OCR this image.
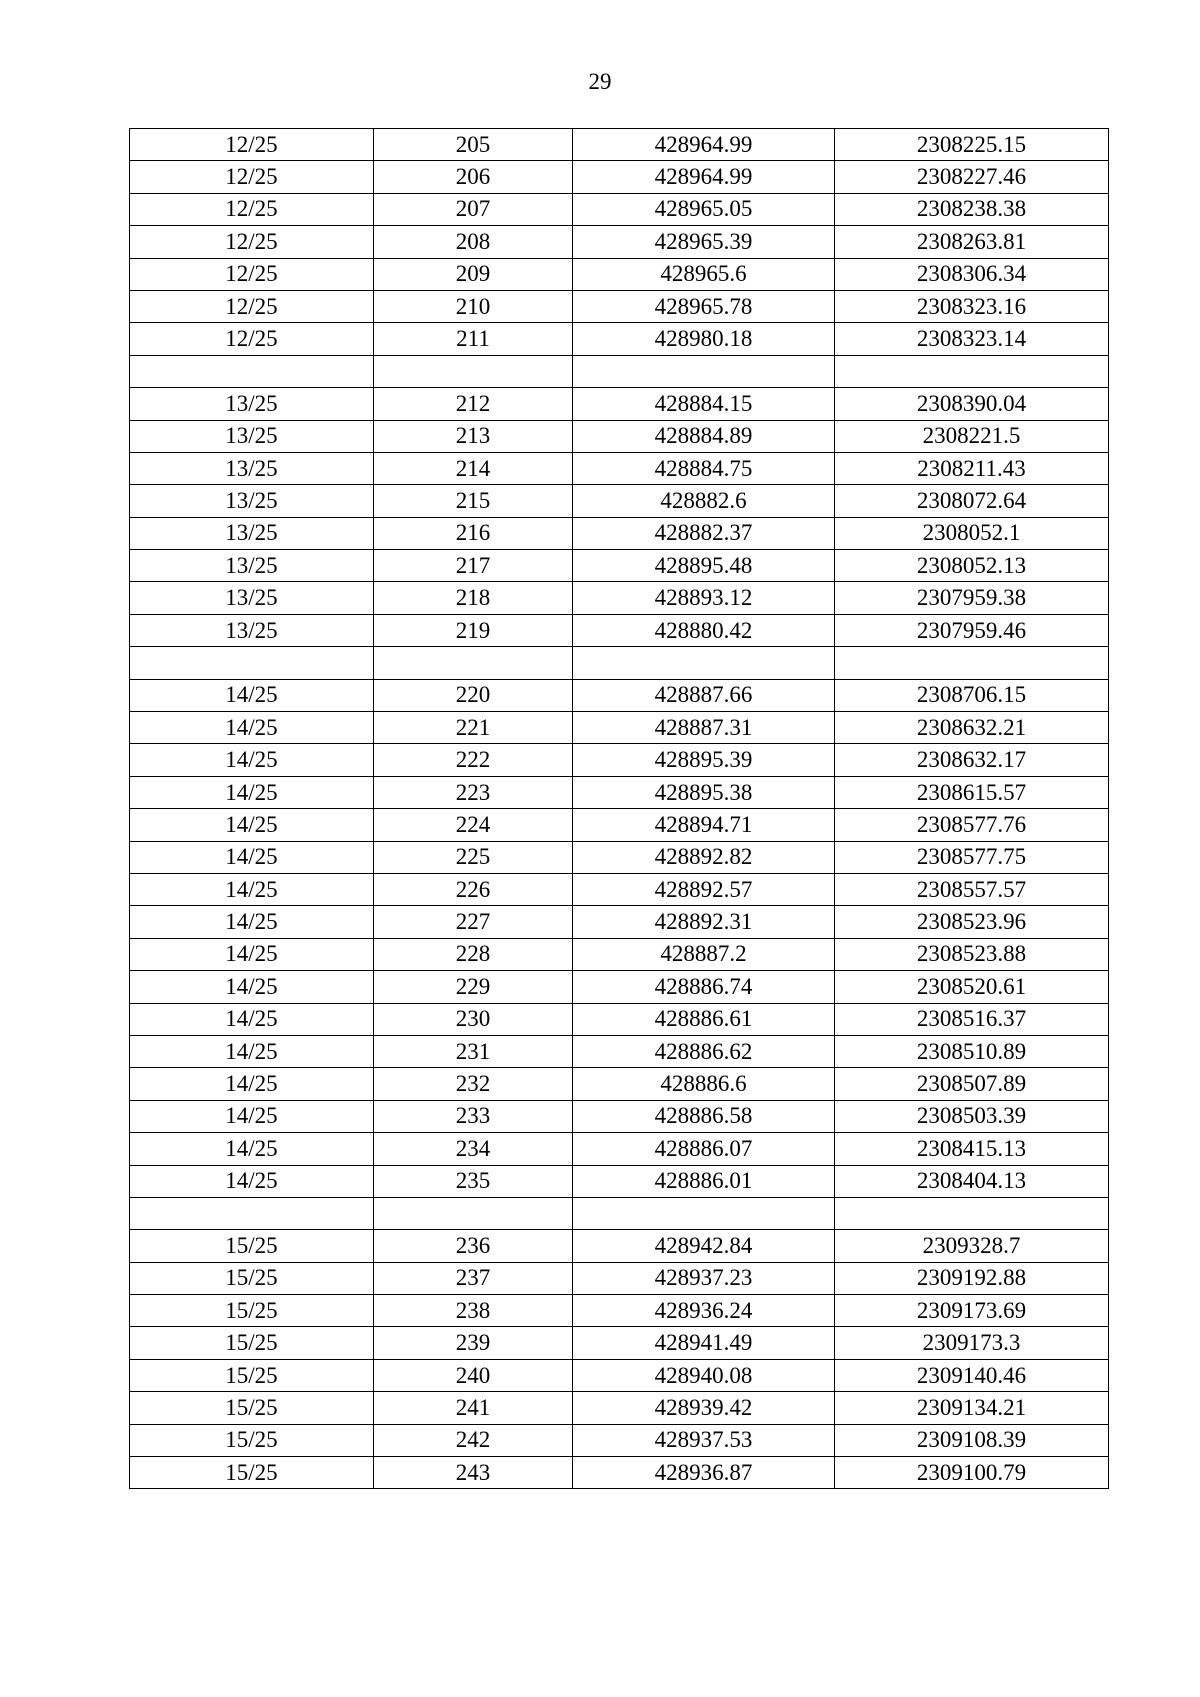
29
12/25	205	428964.99	2308225.15
12/25	206	428964.99	2308227.46
12/25	207	428965.05	2308238.38
12/25	208	428965.39	2308263.81
12/25	209	428965.6	2308306.34
12/25	210	428965.78	2308323.16
12/25	211	428980.18	2308323.14

13/25	212	428884.15	2308390.04
13/25	213	428884.89	2308221.5
13/25	214	428884.75	2308211.43
13/25	215	428882.6	2308072.64
13/25	216	428882.37	2308052.1
13/25	217	428895.48	2308052.13
13/25	218	428893.12	2307959.38
13/25	219	428880.42	2307959.46

14/25	220	428887.66	2308706.15
14/25	221	428887.31	2308632.21
14/25	222	428895.39	2308632.17
14/25	223	428895.38	2308615.57
14/25	224	428894.71	2308577.76
14/25	225	428892.82	2308577.75
14/25	226	428892.57	2308557.57
14/25	227	428892.31	2308523.96
14/25	228	428887.2	2308523.88
14/25	229	428886.74	2308520.61
14/25	230	428886.61	2308516.37
14/25	231	428886.62	2308510.89
14/25	232	428886.6	2308507.89
14/25	233	428886.58	2308503.39
14/25	234	428886.07	2308415.13
14/25	235	428886.01	2308404.13

15/25	236	428942.84	2309328.7
15/25	237	428937.23	2309192.88
15/25	238	428936.24	2309173.69
15/25	239	428941.49	2309173.3
15/25	240	428940.08	2309140.46
15/25	241	428939.42	2309134.21
15/25	242	428937.53	2309108.39
15/25	243	428936.87	2309100.79
